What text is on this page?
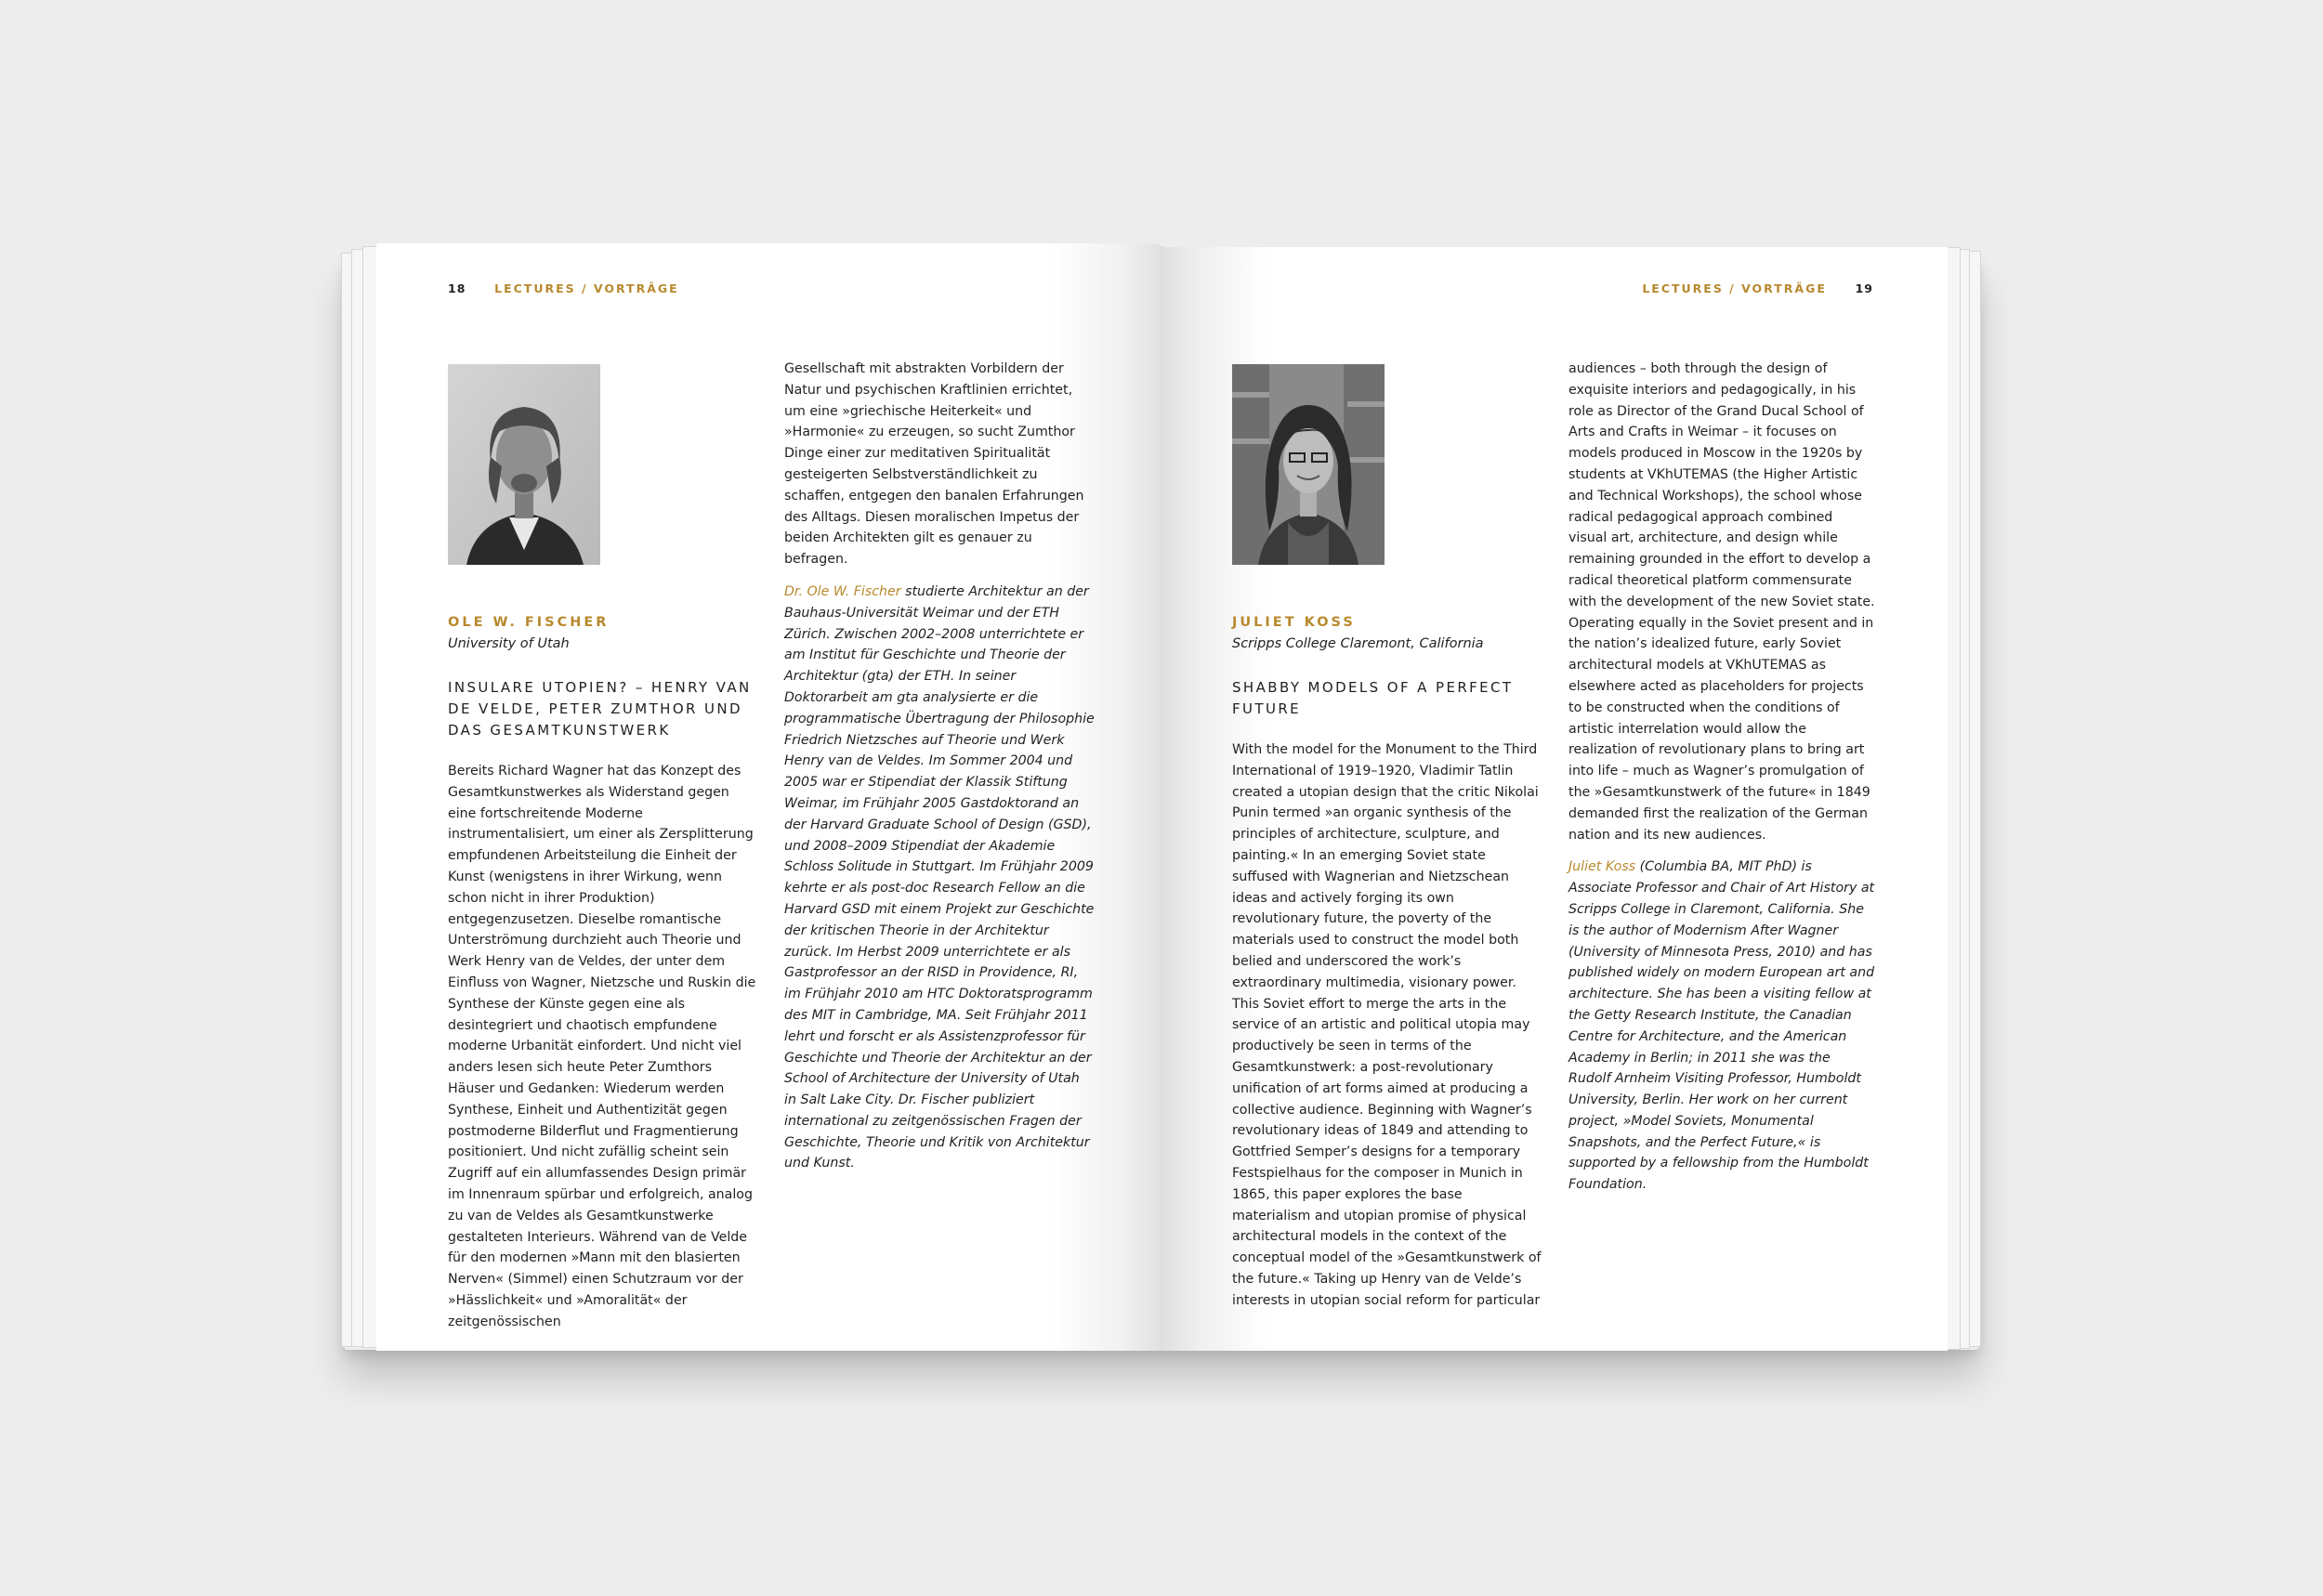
18 LECTURES / VORTRÄGE
OLE W. FISCHER
University of Utah
INSULARE UTOPIEN? – HENRY VAN DE VELDE, PETER ZUMTHOR UND DAS GESAMTKUNSTWERK
Bereits Richard Wagner hat das Konzept des Gesamtkunstwerkes als Widerstand gegen eine fortschreitende Moderne instrumentalisiert, um einer als Zersplitterung empfundenen Arbeitsteilung die Einheit der Kunst (wenigstens in ihrer Wirkung, wenn schon nicht in ihrer Produktion) entgegenzusetzen. Dieselbe romantische Unterströmung durchzieht auch Theorie und Werk Henry van de Veldes, der unter dem Einfluss von Wagner, Nietzsche und Ruskin die Synthese der Künste gegen eine als desintegriert und chaotisch empfundene moderne Urbanität einfordert. Und nicht viel anders lesen sich heute Peter Zumthors Häuser und Gedanken: Wiederum werden Synthese, Einheit und Authentizität gegen postmoderne Bilderflut und Fragmentierung positioniert. Und nicht zufällig scheint sein Zugriff auf ein allumfassendes Design primär im Innenraum spürbar und erfolgreich, analog zu van de Veldes als Gesamtkunstwerke gestalteten Interieurs. Während van de Velde für den modernen »Mann mit den blasierten Nerven« (Simmel) einen Schutzraum vor der »Hässlichkeit« und »Amoralität« der zeitgenössischen

Gesellschaft mit abstrakten Vorbildern der Natur und psychischen Kraftlinien errichtet, um eine »griechische Heiterkeit« und »Harmonie« zu erzeugen, so sucht Zumthor Dinge einer zur meditativen Spiritualität gesteigerten Selbstverständlichkeit zu schaffen, entgegen den banalen Erfahrungen des Alltags. Diesen moralischen Impetus der beiden Architekten gilt es genauer zu befragen.

Dr. Ole W. Fischer studierte Architektur an der Bauhaus-Universität Weimar und der ETH Zürich. Zwischen 2002–2008 unterrichtete er am Institut für Geschichte und Theorie der Architektur (gta) der ETH. In seiner Doktorarbeit am gta analysierte er die programmatische Übertragung der Philosophie Friedrich Nietzsches auf Theorie und Werk Henry van de Veldes. Im Sommer 2004 und 2005 war er Stipendiat der Klassik Stiftung Weimar, im Frühjahr 2005 Gastdoktorand an der Harvard Graduate School of Design (GSD), und 2008–2009 Stipendiat der Akademie Schloss Solitude in Stuttgart. Im Frühjahr 2009 kehrte er als post-doc Research Fellow an die Harvard GSD mit einem Projekt zur Geschichte der kritischen Theorie in der Architektur zurück. Im Herbst 2009 unterrichtete er als Gastprofessor an der RISD in Providence, RI, im Frühjahr 2010 am HTC Doktoratsprogramm des MIT in Cambridge, MA. Seit Frühjahr 2011 lehrt und forscht er als Assistenzprofessor für Geschichte und Theorie der Architektur an der School of Architecture der University of Utah in Salt Lake City. Dr. Fischer publiziert international zu zeitgenössischen Fragen der Geschichte, Theorie und Kritik von Architektur und Kunst.

LECTURES / VORTRÄGE 19
JULIET KOSS
Scripps College Claremont, California
SHABBY MODELS OF A PERFECT FUTURE
With the model for the Monument to the Third International of 1919–1920, Vladimir Tatlin created a utopian design that the critic Nikolai Punin termed »an organic synthesis of the principles of architecture, sculpture, and painting.« In an emerging Soviet state suffused with Wagnerian and Nietzschean ideas and actively forging its own revolutionary future, the poverty of the materials used to construct the model both belied and underscored the work’s extraordinary multimedia, visionary power. This Soviet effort to merge the arts in the service of an artistic and political utopia may productively be seen in terms of the Gesamtkunstwerk: a post-revolutionary unification of art forms aimed at producing a collective audience. Beginning with Wagner’s revolutionary ideas of 1849 and attending to Gottfried Semper’s designs for a temporary Festspielhaus for the composer in Munich in 1865, this paper explores the base materialism and utopian promise of physical architectural models in the context of the conceptual model of the »Gesamtkunstwerk of the future.« Taking up Henry van de Velde’s interests in utopian social reform for particular

audiences – both through the design of exquisite interiors and pedagogically, in his role as Director of the Grand Ducal School of Arts and Crafts in Weimar – it focuses on models produced in Moscow in the 1920s by students at VKhUTEMAS (the Higher Artistic and Technical Workshops), the school whose radical pedagogical approach combined visual art, architecture, and design while remaining grounded in the effort to develop a radical theoretical platform commensurate with the development of the new Soviet state. Operating equally in the Soviet present and in the nation’s idealized future, early Soviet architectural models at VKhUTEMAS as elsewhere acted as placeholders for projects to be constructed when the conditions of artistic interrelation would allow the realization of revolutionary plans to bring art into life – much as Wagner’s promulgation of the »Gesamtkunstwerk of the future« in 1849 demanded first the realization of the German nation and its new audiences.

Juliet Koss (Columbia BA, MIT PhD) is Associate Professor and Chair of Art History at Scripps College in Claremont, California. She is the author of Modernism After Wagner (University of Minnesota Press, 2010) and has published widely on modern European art and architecture. She has been a visiting fellow at the Getty Research Institute, the Canadian Centre for Architecture, and the American Academy in Berlin; in 2011 she was the Rudolf Arnheim Visiting Professor, Humboldt University, Berlin. Her work on her current project, »Model Soviets, Monumental Snapshots, and the Perfect Future,« is supported by a fellowship from the Humboldt Foundation.
